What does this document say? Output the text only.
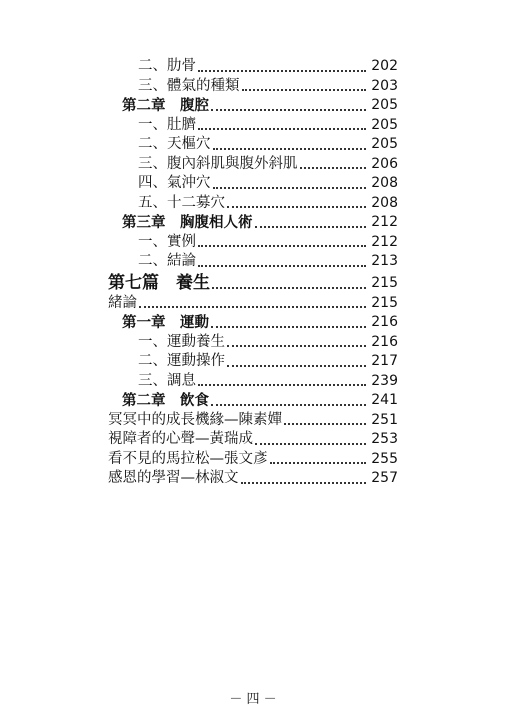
二、肋骨	202
三、體氣的種類	203
第二章　腹腔	205
一、肚臍	205
二、天樞穴	205
三、腹內斜肌與腹外斜肌	206
四、氣沖穴	208
五、十二募穴	208
第三章　胸腹相人術	212
一、實例	212
二、結論	213
第七篇　養生	215
緒論	215
第一章　運動	216
一、運動養生	216
二、運動操作	217
三、調息	239
第二章　飲食	241
冥冥中的成長機緣—陳素嬋	251
視障者的心聲—黃瑞成	253
看不見的馬拉松—張文彥	255
感恩的學習—林淑文	257
－ 四 －
